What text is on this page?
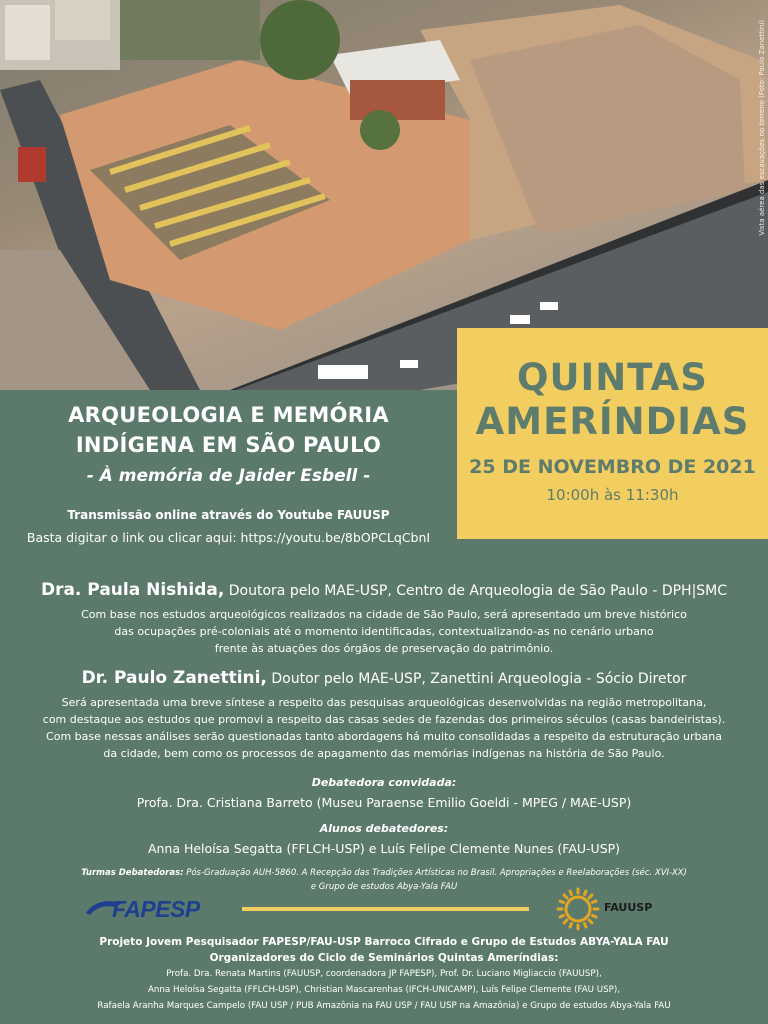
Vista aérea das escavações no terreno (Foto: Paulo Zanettini)
QUINTAS AMERÍNDIAS
25 DE NOVEMBRO DE 2021
10:00h às 11:30h
ARQUEOLOGIA E MEMÓRIA
INDÍGENA EM SÃO PAULO
- À memória de Jaider Esbell -
Transmissão online através do Youtube FAUUSP
Basta digitar o link ou clicar aqui: https://youtu.be/8bOPCLqCbnI
Dra. Paula Nishida, Doutora pelo MAE-USP, Centro de Arqueologia de São Paulo - DPH|SMC
Com base nos estudos arqueológicos realizados na cidade de São Paulo, será apresentado um breve histórico
das ocupações pré-coloniais até o momento identificadas, contextualizando-as no cenário urbano
frente às atuações dos órgãos de preservação do patrimônio.
Dr. Paulo Zanettini, Doutor pelo MAE-USP, Zanettini Arqueologia - Sócio Diretor
Será apresentada uma breve síntese a respeito das pesquisas arqueológicas desenvolvidas na região metropolitana,
com destaque aos estudos que promovi a respeito das casas sedes de fazendas dos primeiros séculos (casas bandeiristas).
Com base nessas análises serão questionadas tanto abordagens há muito consolidadas a respeito da estruturação urbana
da cidade, bem como os processos de apagamento das memórias indígenas na história de São Paulo.
Debatedora convidada:
Profa. Dra. Cristiana Barreto (Museu Paraense Emilio Goeldi - MPEG / MAE-USP)
Alunos debatedores:
Anna Heloísa Segatta (FFLCH-USP) e Luís Felipe Clemente Nunes (FAU-USP)
Turmas Debatedoras: Pós-Graduação AUH-5860. A Recepção das Tradições Artísticas no Brasil. Apropriações e Reelaborações (séc. XVI-XX)
e Grupo de estudos Abya-Yala FAU
FAPESP	FAUUSP
Projeto Jovem Pesquisador FAPESP/FAU-USP Barroco Cifrado e Grupo de Estudos ABYA-YALA FAU
Organizadores do Ciclo de Seminários Quintas Ameríndias:
Profa. Dra. Renata Martins (FAUUSP, coordenadora JP FAPESP), Prof. Dr. Luciano Migliaccio (FAUUSP),
Anna Heloísa Segatta (FFLCH-USP), Christian Mascarenhas (IFCH-UNICAMP), Luís Felipe Clemente (FAU USP),
Rafaela Aranha Marques Campelo (FAU USP / PUB Amazônia na FAU USP / FAU USP na Amazônia) e Grupo de estudos Abya-Yala FAU
